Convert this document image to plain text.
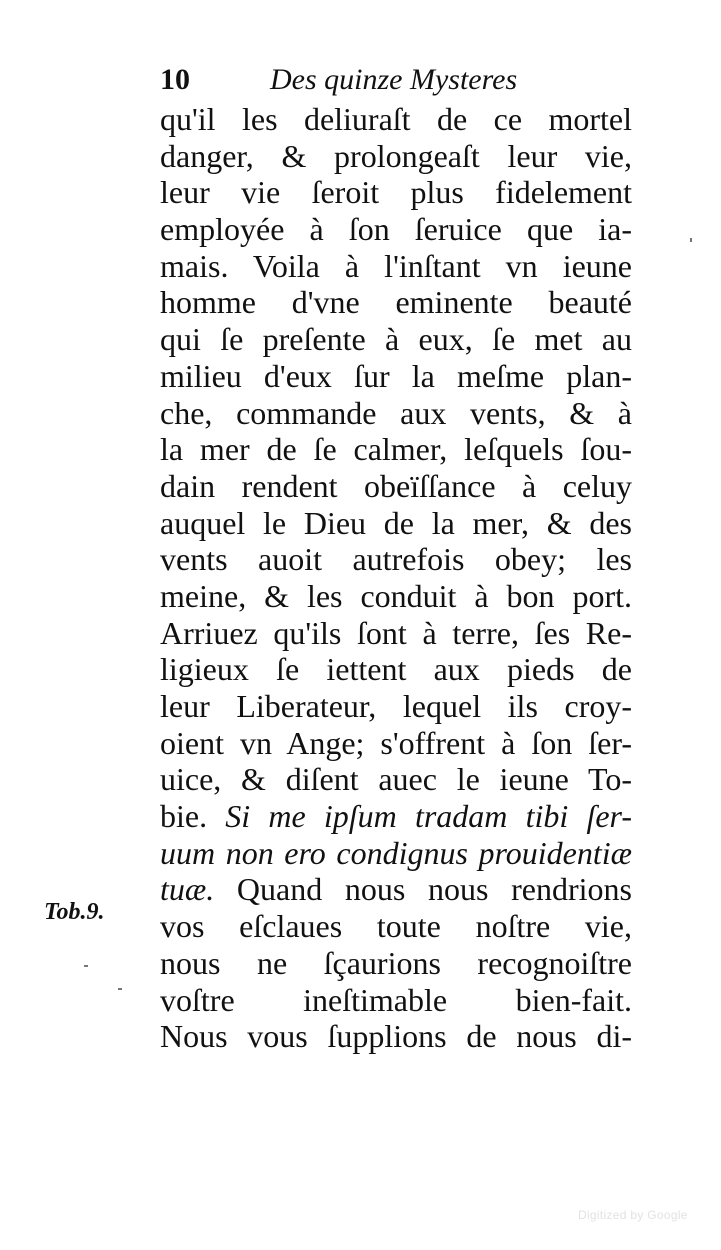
10	Des quinze Mysteres
qu'il les deliuraſt de ce mortel
danger, & prolongeaſt leur vie,
leur vie ſeroit plus fidelement
employée à ſon ſeruice que ia-
mais. Voila à l'inſtant vn ieune
homme d'vne eminente beauté
qui ſe preſente à eux, ſe met au
milieu d'eux ſur la meſme plan-
che, commande aux vents, & à
la mer de ſe calmer, leſquels ſou-
dain rendent obeïſſance à celuy
auquel le Dieu de la mer, & des
vents auoit autrefois obey; les
meine, & les conduit à bon port.
Arriuez qu'ils ſont à terre, ſes Re-
ligieux ſe iettent aux pieds de
leur Liberateur, lequel ils croy-
oient vn Ange; s'offrent à ſon ſer-
uice, & diſent auec le ieune To-
bie. Si me ipſum tradam tibi ſer-
uum non ero condignus prouidentiæ
tuæ. Quand nous nous rendrions
vos eſclaues toute noſtre vie,
nous ne ſçaurions recognoiſtre
voſtre ineſtimable bien-fait.
Nous vous ſupplions de nous di-
Tob.9.
Digitized by Google
